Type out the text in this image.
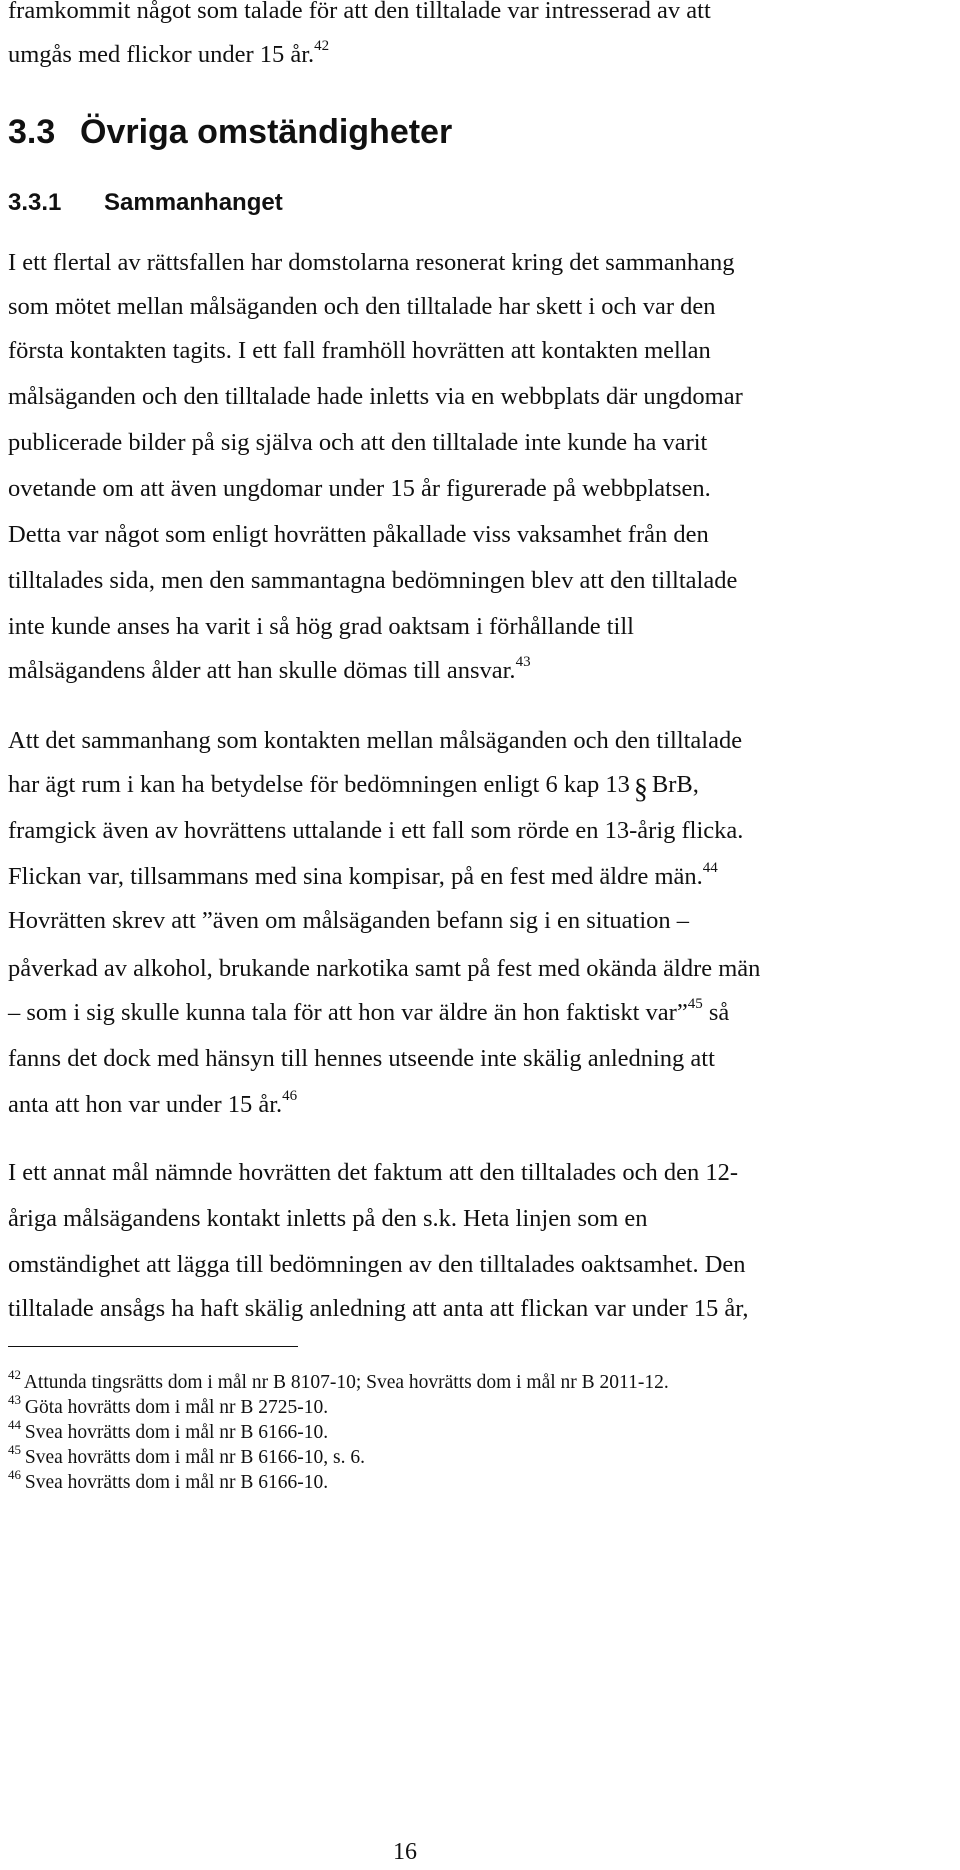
framkommit något som talade för att den tilltalade var intresserad av att
umgås med flickor under 15 år.$^{42}$
3.3 Övriga omständigheter
3.3.1 Sammanhanget
I ett flertal av rättsfallen har domstolarna resonerat kring det sammanhang
som mötet mellan målsäganden och den tilltalade har skett i och var den
första kontakten tagits. I ett fall framhöll hovrätten att kontakten mellan
målsäganden och den tilltalade hade inletts via en webbplats där ungdomar
publicerade bilder på sig själva och att den tilltalade inte kunde ha varit
ovetande om att även ungdomar under 15 år figurerade på webbplatsen.
Detta var något som enligt hovrätten påkallade viss vaksamhet från den
tilltalades sida, men den sammantagna bedömningen blev att den tilltalade
inte kunde anses ha varit i så hög grad oaktsam i förhållande till
målsägandens ålder att han skulle dömas till ansvar.$^{43}$
Att det sammanhang som kontakten mellan målsäganden och den tilltalade
har ägt rum i kan ha betydelse för bedömningen enligt 6 kap 13 § BrB,
framgick även av hovrättens uttalande i ett fall som rörde en 13-årig flicka.
Flickan var, tillsammans med sina kompisar, på en fest med äldre män.$^{44}$
Hovrätten skrev att ”även om målsäganden befann sig i en situation –
påverkad av alkohol, brukande narkotika samt på fest med okända äldre män
– som i sig skulle kunna tala för att hon var äldre än hon faktiskt var”$^{45}$ så
fanns det dock med hänsyn till hennes utseende inte skälig anledning att
anta att hon var under 15 år.$^{46}$
I ett annat mål nämnde hovrätten det faktum att den tilltalades och den 12-
åriga målsägandens kontakt inletts på den s.k. Heta linjen som en
omständighet att lägga till bedömningen av den tilltalades oaktsamhet. Den
tilltalade ansågs ha haft skälig anledning att anta att flickan var under 15 år,
$^{42}$ Attunda tingsrätts dom i mål nr B 8107-10; Svea hovrätts dom i mål nr B 2011-12.
$^{43}$ Göta hovrätts dom i mål nr B 2725-10.
$^{44}$ Svea hovrätts dom i mål nr B 6166-10.
$^{45}$ Svea hovrätts dom i mål nr B 6166-10, s. 6.
$^{46}$ Svea hovrätts dom i mål nr B 6166-10.
16
